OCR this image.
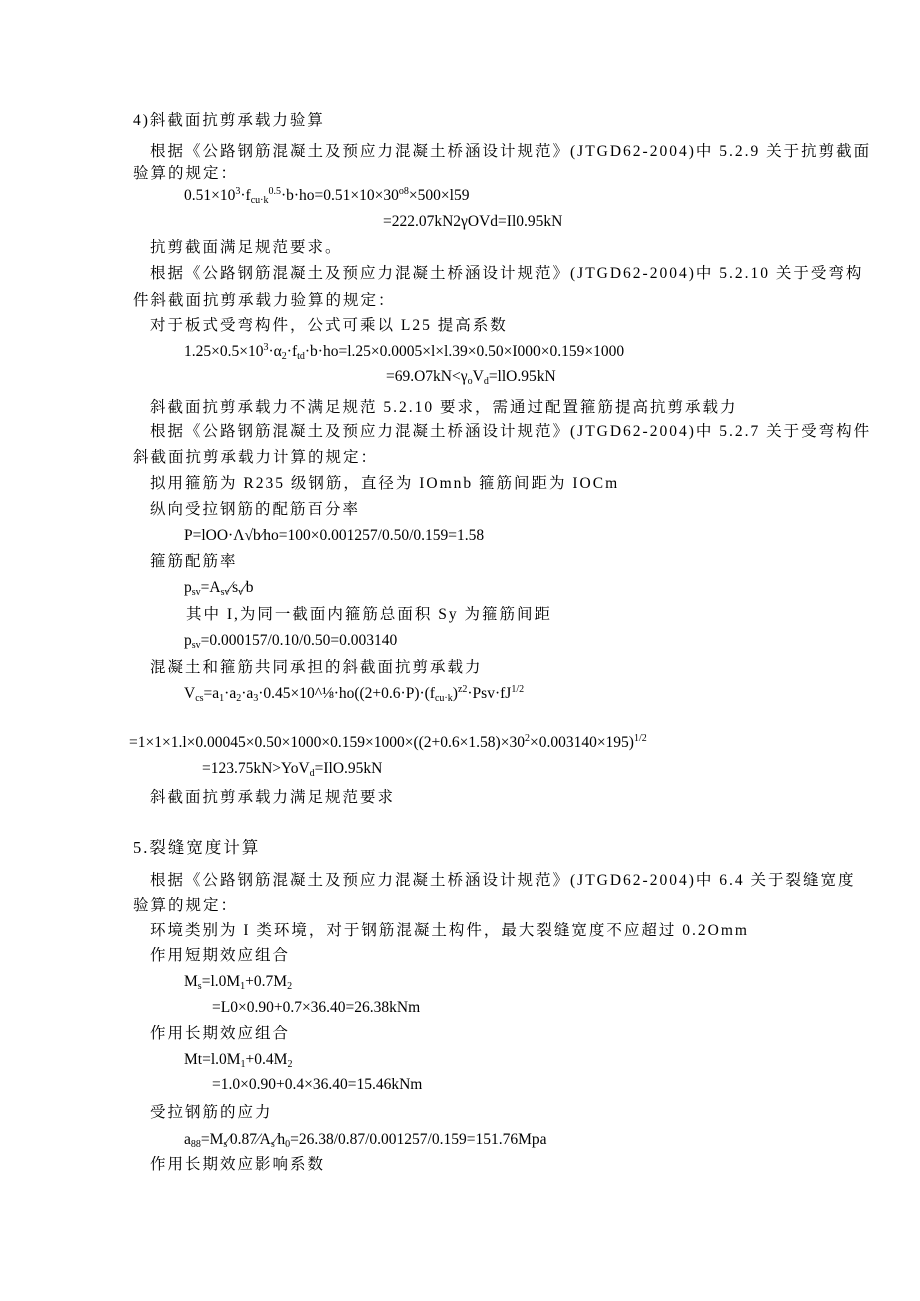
4)斜截面抗剪承载力验算
根据《公路钢筋混凝土及预应力混凝土桥涵设计规范》(JTGD62-2004)中 5.2.9 关于抗剪截面
验算的规定：
$0.51\times 10^3\cdot f_{cu\cdot k}^{0.5}\cdot b\cdot ho=0.51\times 10\times 30^{o8}\times 500\times l59$
=222.07kN2γOVd=Il0.95kN
抗剪截面满足规范要求。
根据《公路钢筋混凝土及预应力混凝土桥涵设计规范》(JTGD62-2004)中 5.2.10 关于受弯构
件斜截面抗剪承载力验算的规定：
对于板式受弯构件，公式可乘以 L25 提高系数
$1.25\times 0.5\times 10^3\cdot\alpha_2\cdot f_{td}\cdot b\cdot ho=l.25\times 0.0005\times l\times l.39\times 0.50\times I000\times 0.159\times 1000$
$=69.O7kN<\gamma_oV_d=llO.95kN$
斜截面抗剪承载力不满足规范 5.2.10 要求，需通过配置箍筋提高抗剪承载力
根据《公路钢筋混凝土及预应力混凝土桥涵设计规范》(JTGD62-2004)中 5.2.7 关于受弯构件
斜截面抗剪承载力计算的规定：
拟用箍筋为 R235 级钢筋，直径为 IOmnb 箍筋间距为 IOCm
纵向受拉钢筋的配筋百分率
P=lOO·Λ√b⁄ho=100×0.001257/0.50/0.159=1.58
箍筋配筋率
$p_{sv}=A_{sv}⁄s_v⁄b$
其中 I,为同一截面内箍筋总面积 Sy 为箍筋间距
$p_{sv}=0.000157/0.10/0.50=0.003140$
混凝土和箍筋共同承担的斜截面抗剪承载力
$V_{cs}=a_1\cdot a_2\cdot a_3\cdot 0.45\times 10\^{}\frac{1}{8}\cdot ho((2+0.6\cdot P)\cdot(f_{cu\cdot k})^{z2}\cdot Psv\cdot fJ^{1/2}$
$=1\times 1\times 1.l\times 0.00045\times 0.50\times 1000\times 0.159\times 1000\times((2+0.6\times 1.58)\times 30^2\times 0.003140\times 195)^{1/2}$
=123.75kN>YoV$_d$=IlO.95kN
斜截面抗剪承载力满足规范要求
5.裂缝宽度计算
根据《公路钢筋混凝土及预应力混凝土桥涵设计规范》(JTGD62-2004)中 6.4 关于裂缝宽度
验算的规定：
环境类别为 I 类环境，对于钢筋混凝土构件，最大裂缝宽度不应超过 0.2Omm
作用短期效应组合
$M_s=l.0M_1+0.7M_2$
=L0×0.90+0.7×36.40=26.38kNm
作用长期效应组合
$Mt=l.0M_1+0.4M_2$
=1.0×0.90+0.4×36.40=15.46kNm
受拉钢筋的应力
$a_{88}=M_s⁄0.87⁄A_s⁄h_0=26.38/0.87/0.001257/0.159=151.76Mpa$
作用长期效应影响系数
